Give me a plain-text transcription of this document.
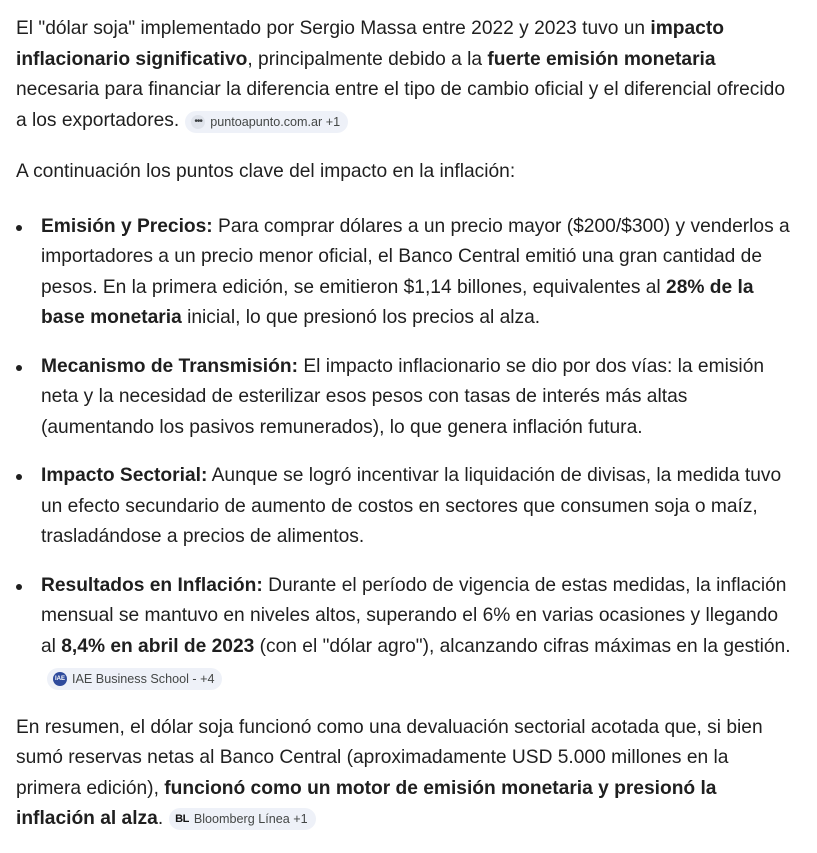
El "dólar soja" implementado por Sergio Massa entre 2022 y 2023 tuvo un impacto inflacionario significativo, principalmente debido a la fuerte emisión monetaria necesaria para financiar la diferencia entre el tipo de cambio oficial y el diferencial ofrecido a los exportadores.	••• puntoapunto.com.ar +1

A continuación los puntos clave del impacto en la inflación:

Emisión y Precios: Para comprar dólares a un precio mayor ($200/$300) y venderlos a importadores a un precio menor oficial, el Banco Central emitió una gran cantidad de pesos. En la primera edición, se emitieron $1,14 billones, equivalentes al 28% de la base monetaria inicial, lo que presionó los precios al alza.
Mecanismo de Transmisión: El impacto inflacionario se dio por dos vías: la emisión neta y la necesidad de esterilizar esos pesos con tasas de interés más altas (aumentando los pasivos remunerados), lo que genera inflación futura.
Impacto Sectorial: Aunque se logró incentivar la liquidación de divisas, la medida tuvo un efecto secundario de aumento de costos en sectores que consumen soja o maíz, trasladándose a precios de alimentos.
Resultados en Inflación: Durante el período de vigencia de estas medidas, la inflación mensual se mantuvo en niveles altos, superando el 6% en varias ocasiones y llegando al 8,4% en abril de 2023 (con el "dólar agro"), alcanzando cifras máximas en la gestión.
IAE IAE Business School - +4

En resumen, el dólar soja funcionó como una devaluación sectorial acotada que, si bien sumó reservas netas al Banco Central (aproximadamente USD 5.000 millones en la primera edición), funcionó como un motor de emisión monetaria y presionó la inflación al alza. BL Bloomberg Línea +1
